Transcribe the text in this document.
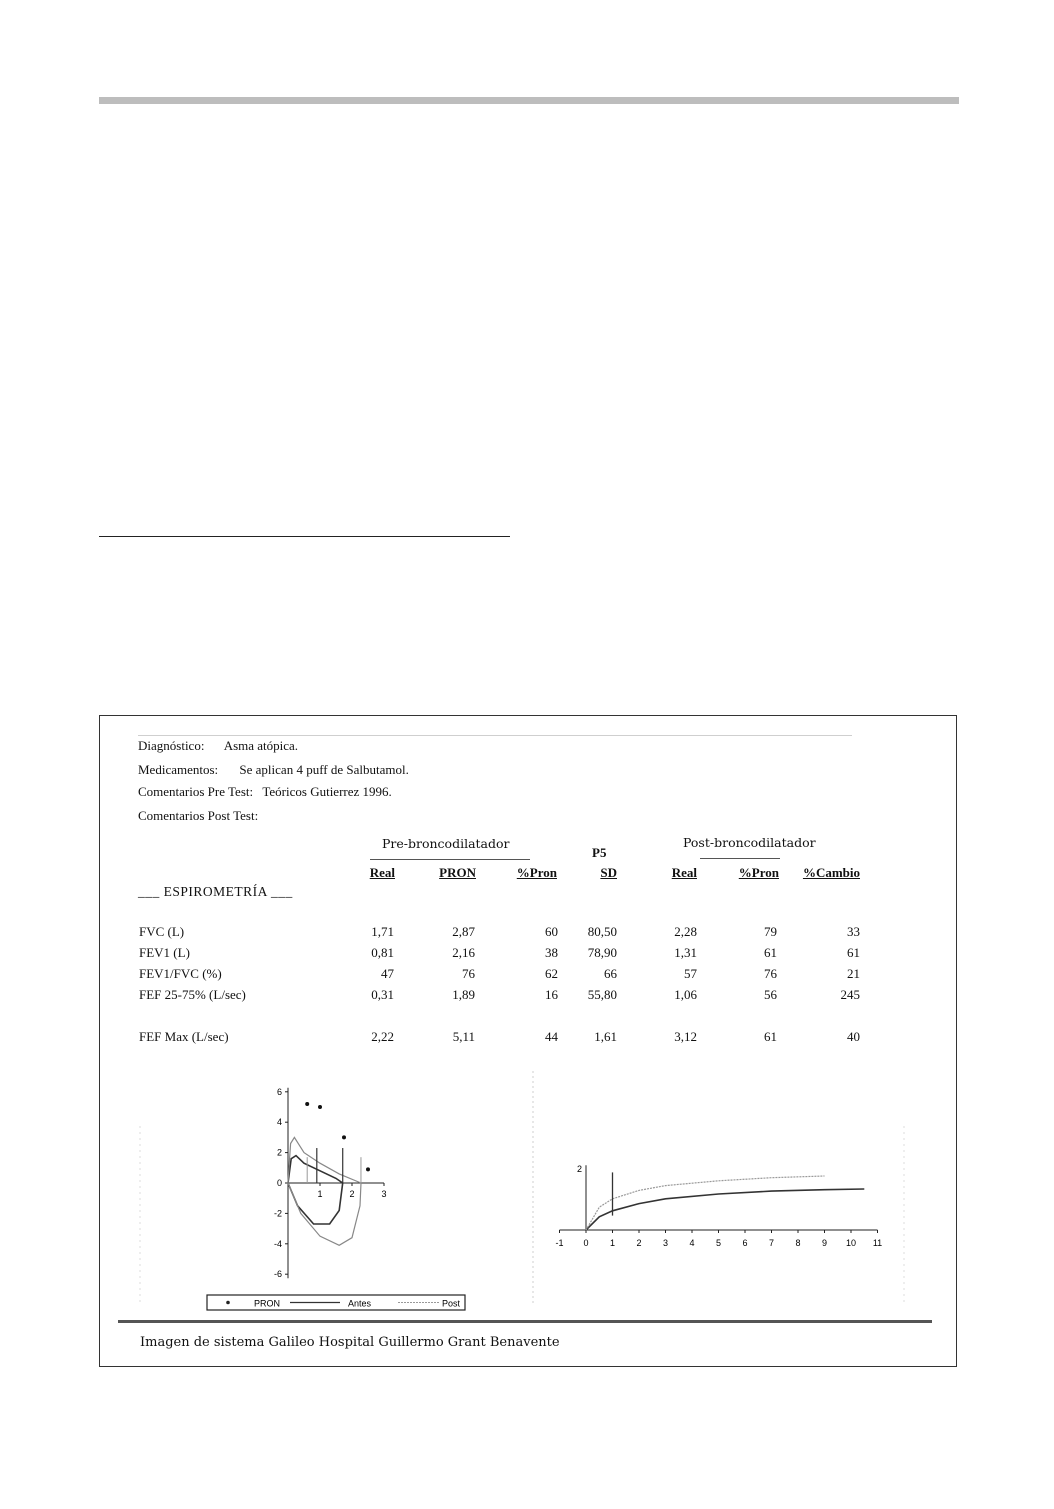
Diagnóstico: Asma atópica.
Medicamentos: Se aplican 4 puff de Salbutamol.
Comentarios Pre Test: Teóricos Gutierrez 1996.
Comentarios Post Test:
Pre-broncodilatador
P5
Post-broncodilatador
Real	PRON	%Pron	SD	Real	%Pron	%Cambio
___ ESPIROMETRÍA ___
FVC (L)	1,71	2,87	60	80,50	2,28	79	33
FEV1 (L)	0,81	2,16	38	78,90	1,31	61	61
FEV1/FVC (%)	47	76	62	66	57	76	21
FEF 25-75% (L/sec)	0,31	1,89	16	55,80	1,06	56	245
FEF Max (L/sec)	2,22	5,11	44	1,61	3,12	61	40
6
4
2
0
-2
-4
-6
1	2	3
-1 0 1 2 3 4 5 6 7 8 9 10 11
2
PRON	Antes	Post
Imagen de sistema Galileo Hospital Guillermo Grant Benavente
